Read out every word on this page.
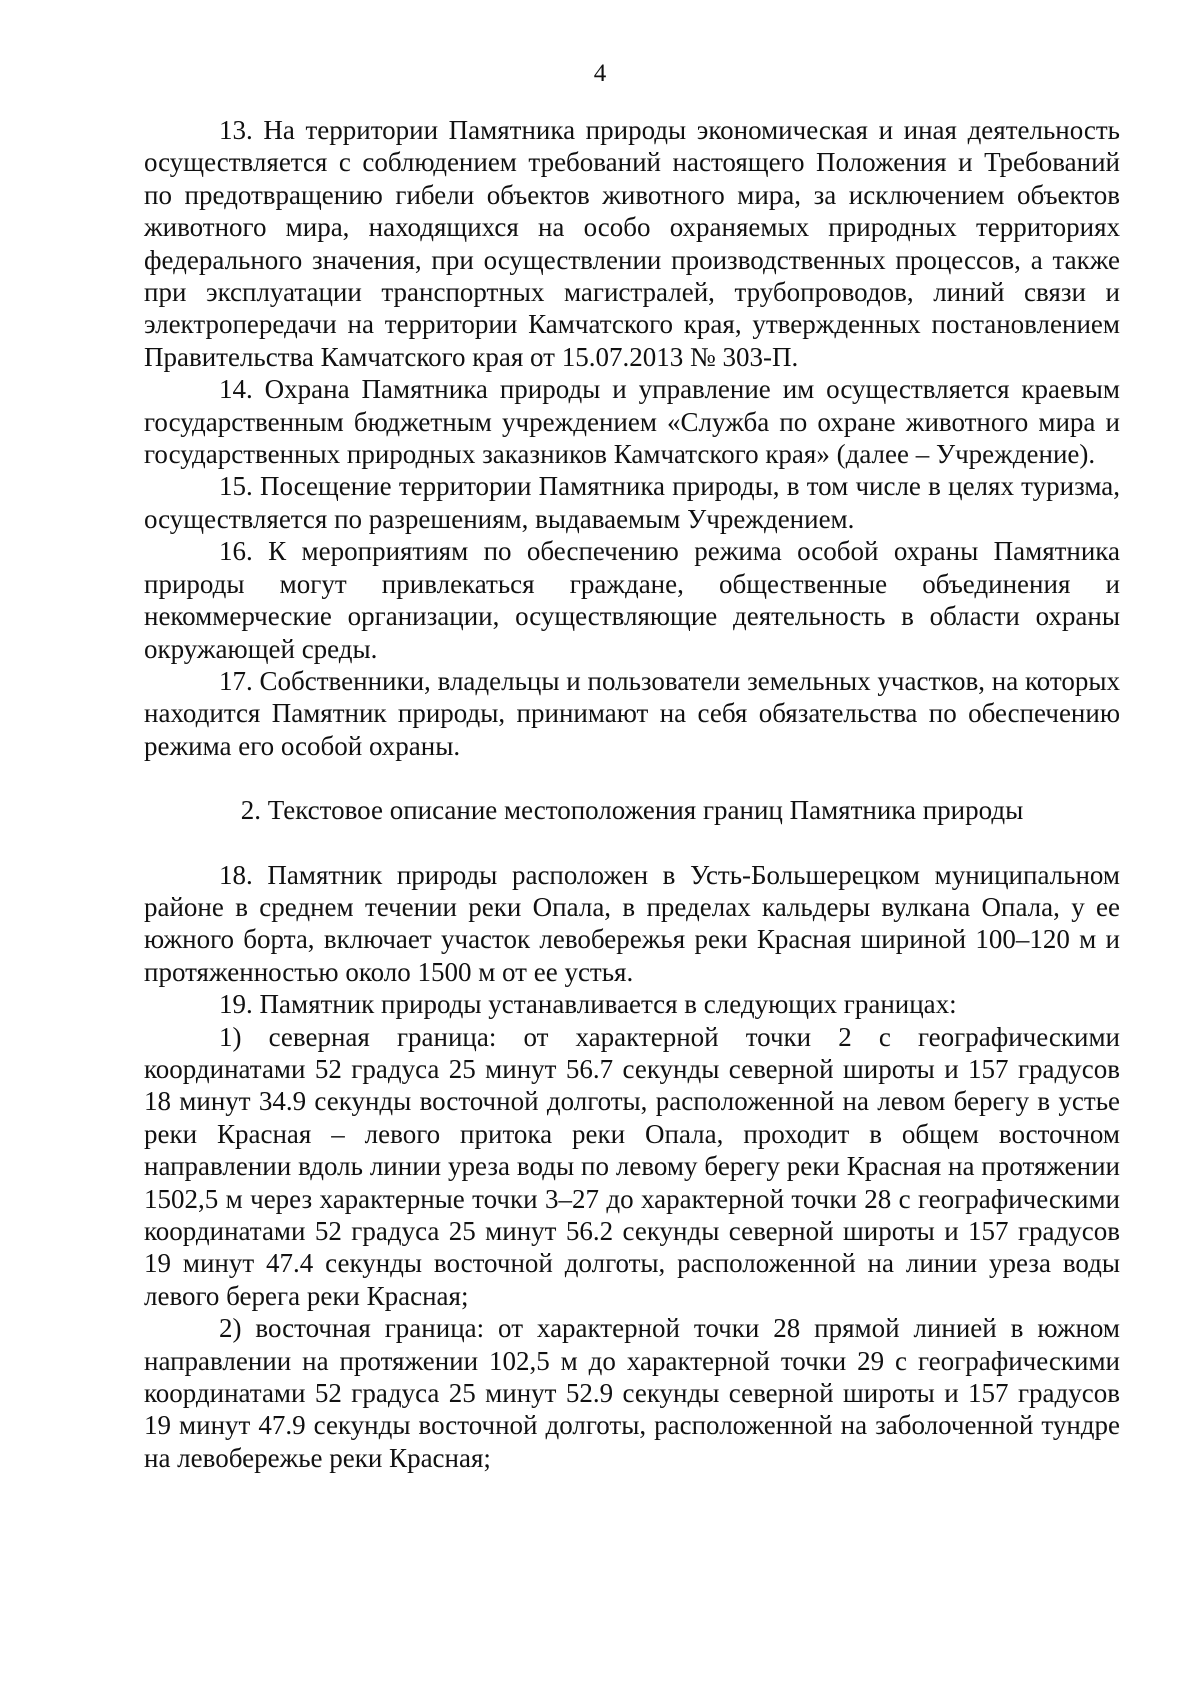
4

13. На территории Памятника природы экономическая и иная деятельность осуществляется с соблюдением требований настоящего Положения и Требований по предотвращению гибели объектов животного мира, за исключением объектов животного мира, находящихся на особо охраняемых природных территориях федерального значения, при осуществлении производственных процессов, а также при эксплуатации транспортных магистралей, трубопроводов, линий связи и электропередачи на территории Камчатского края, утвержденных постановлением Правительства Камчатского края от 15.07.2013 № 303-П.

14. Охрана Памятника природы и управление им осуществляется краевым государственным бюджетным учреждением «Служба по охране животного мира и государственных природных заказников Камчатского края» (далее – Учреждение).

15. Посещение территории Памятника природы, в том числе в целях туризма, осуществляется по разрешениям, выдаваемым Учреждением.

16. К мероприятиям по обеспечению режима особой охраны Памятника природы могут привлекаться граждане, общественные объединения и некоммерческие организации, осуществляющие деятельность в области охраны окружающей среды.

17. Собственники, владельцы и пользователи земельных участков, на которых находится Памятник природы, принимают на себя обязательства по обеспечению режима его особой охраны.

2. Текстовое описание местоположения границ Памятника природы

18. Памятник природы расположен в Усть-Большерецком муниципальном районе в среднем течении реки Опала, в пределах кальдеры вулкана Опала, у ее южного борта, включает участок левобережья реки Красная шириной 100–120 м и протяженностью около 1500 м от ее устья.

19. Памятник природы устанавливается в следующих границах:

1) северная граница: от характерной точки 2 с географическими координатами 52 градуса 25 минут 56.7 секунды северной широты и 157 градусов 18 минут 34.9 секунды восточной долготы, расположенной на левом берегу в устье реки Красная – левого притока реки Опала, проходит в общем восточном направлении вдоль линии уреза воды по левому берегу реки Красная на протяжении 1502,5 м через характерные точки 3–27 до характерной точки 28 с географическими координатами 52 градуса 25 минут 56.2 секунды северной широты и 157 градусов 19 минут 47.4 секунды восточной долготы, расположенной на линии уреза воды левого берега реки Красная;

2) восточная граница: от характерной точки 28 прямой линией в южном направлении на протяжении 102,5 м до характерной точки 29 с географическими координатами 52 градуса 25 минут 52.9 секунды северной широты и 157 градусов 19 минут 47.9 секунды восточной долготы, расположенной на заболоченной тундре на левобережье реки Красная;
